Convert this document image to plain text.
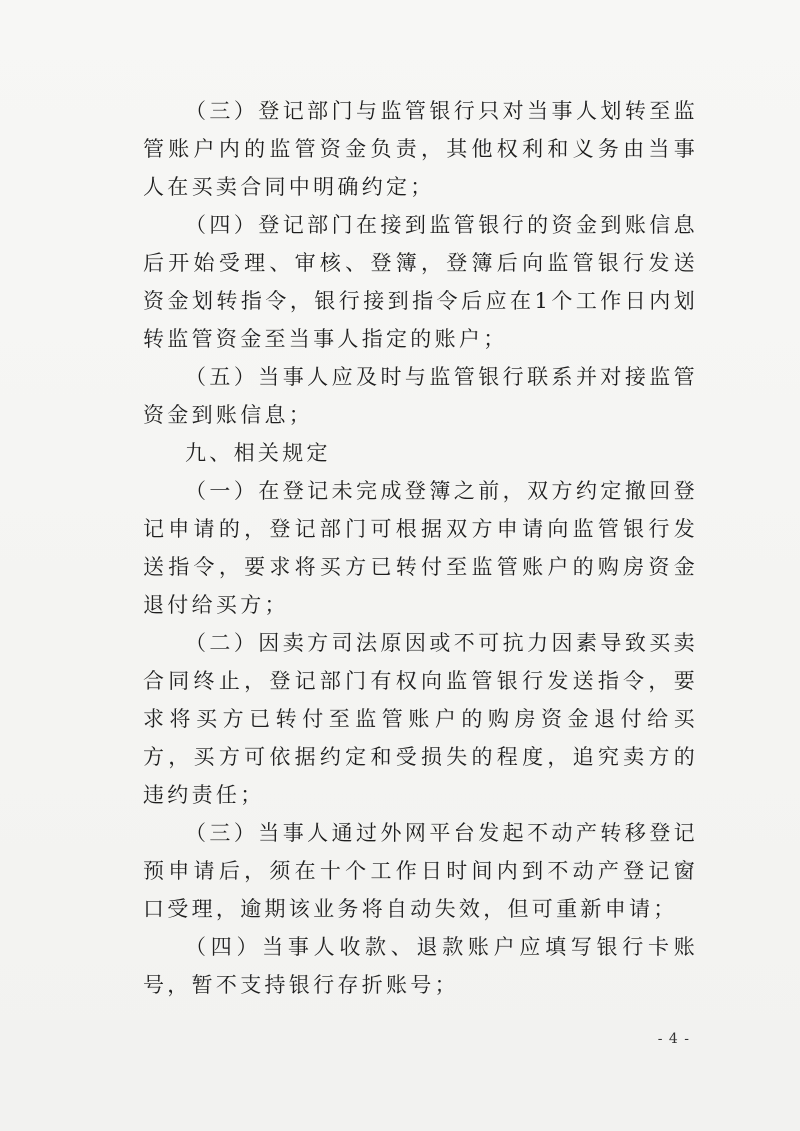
（三）登记部门与监管银行只对当事人划转至监管账户内的监管资金负责，其他权利和义务由当事人在买卖合同中明确约定；

（四）登记部门在接到监管银行的资金到账信息后开始受理、审核、登簿，登簿后向监管银行发送资金划转指令，银行接到指令后应在1个工作日内划转监管资金至当事人指定的账户；

（五）当事人应及时与监管银行联系并对接监管资金到账信息；

九、相关规定

（一）在登记未完成登簿之前，双方约定撤回登记申请的，登记部门可根据双方申请向监管银行发送指令，要求将买方已转付至监管账户的购房资金退付给买方；

（二）因卖方司法原因或不可抗力因素导致买卖合同终止，登记部门有权向监管银行发送指令，要求将买方已转付至监管账户的购房资金退付给买方，买方可依据约定和受损失的程度，追究卖方的违约责任；

（三）当事人通过外网平台发起不动产转移登记预申请后，须在十个工作日时间内到不动产登记窗口受理，逾期该业务将自动失效，但可重新申请；

（四）当事人收款、退款账户应填写银行卡账号，暂不支持银行存折账号；

- 4 -
